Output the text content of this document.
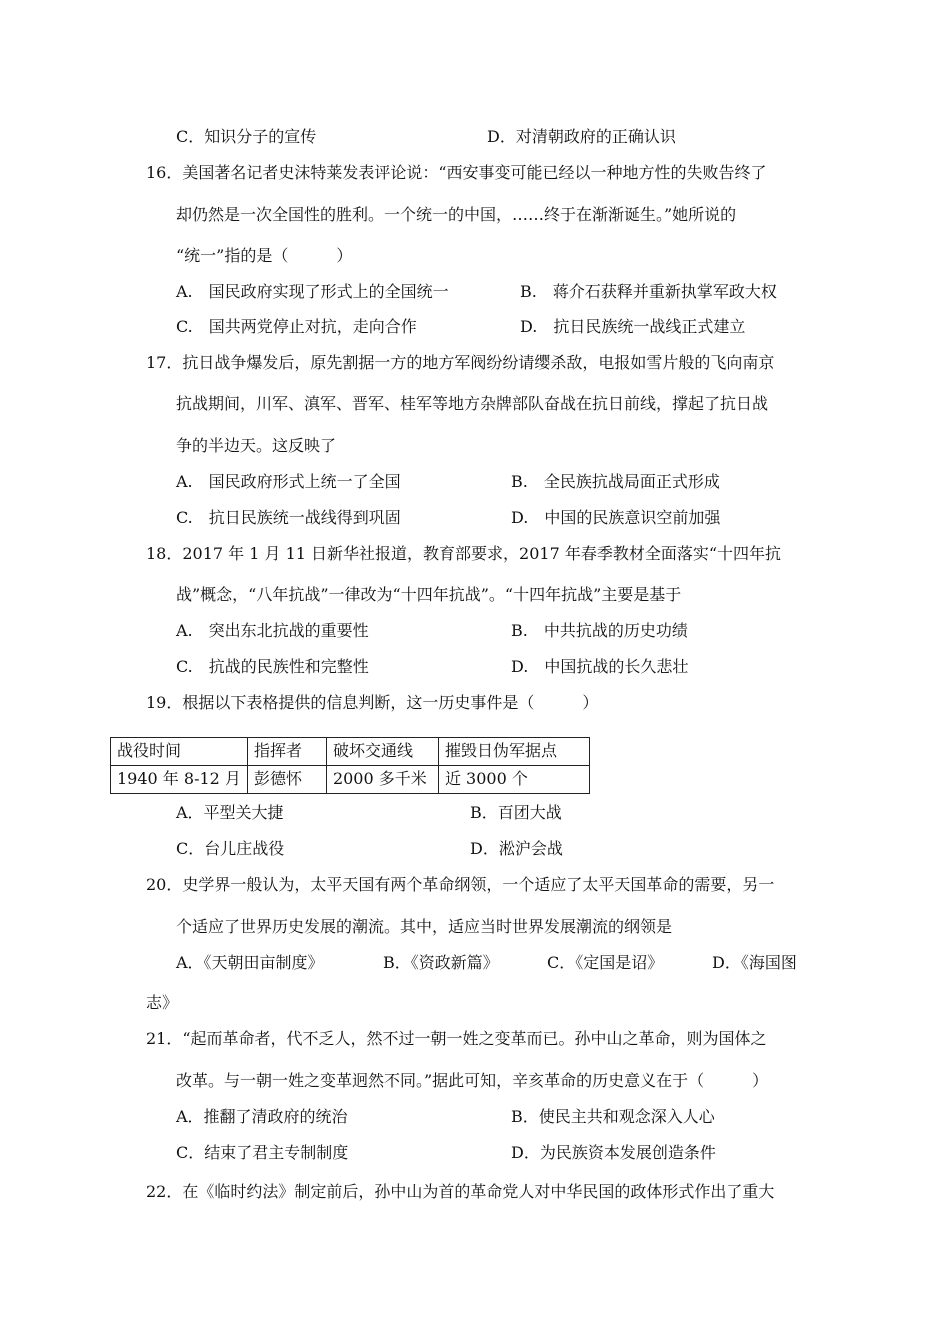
C．知识分子的宣传	D．对清朝政府的正确认识
16．美国著名记者史沫特莱发表评论说：“西安事变可能已经以一种地方性的失败告终了
却仍然是一次全国性的胜利。一个统一的中国，……终于在渐渐诞生。”她所说的
“统一”指的是（　　　）
A.　国民政府实现了形式上的全国统一	B.　蒋介石获释并重新执掌军政大权
C.　国共两党停止对抗，走向合作	D.　抗日民族统一战线正式建立
17．抗日战争爆发后，原先割据一方的地方军阀纷纷请缨杀敌，电报如雪片般的飞向南京
抗战期间，川军、滇军、晋军、桂军等地方杂牌部队奋战在抗日前线，撑起了抗日战
争的半边天。这反映了
A.　国民政府形式上统一了全国	B.　全民族抗战局面正式形成
C.　抗日民族统一战线得到巩固	D.　中国的民族意识空前加强
18．2017 年 1 月 11 日新华社报道，教育部要求，2017 年春季教材全面落实“十四年抗
战”概念，“八年抗战”一律改为“十四年抗战”。“十四年抗战”主要是基于
A.　突出东北抗战的重要性	B.　中共抗战的历史功绩
C.　抗战的民族性和完整性	D.　中国抗战的长久悲壮
19．根据以下表格提供的信息判断，这一历史事件是（　　　）
战役时间	指挥者	破坏交通线	摧毁日伪军据点
1940 年 8-12 月	彭德怀	2000 多千米	近 3000 个
A．平型关大捷	B．百团大战
C．台儿庄战役	D．淞沪会战
20．史学界一般认为，太平天国有两个革命纲领，一个适应了太平天国革命的需要，另一
个适应了世界历史发展的潮流。其中，适应当时世界发展潮流的纲领是
A．《天朝田亩制度》	B．《资政新篇》	C．《定国是诏》	D．《海国图
志》
21．“起而革命者，代不乏人，然不过一朝一姓之变革而已。孙中山之革命，则为国体之
改革。与一朝一姓之变革迥然不同。”据此可知，辛亥革命的历史意义在于（　　　）
A．推翻了清政府的统治	B．使民主共和观念深入人心
C．结束了君主专制制度	D．为民族资本发展创造条件
22．在《临时约法》制定前后，孙中山为首的革命党人对中华民国的政体形式作出了重大
